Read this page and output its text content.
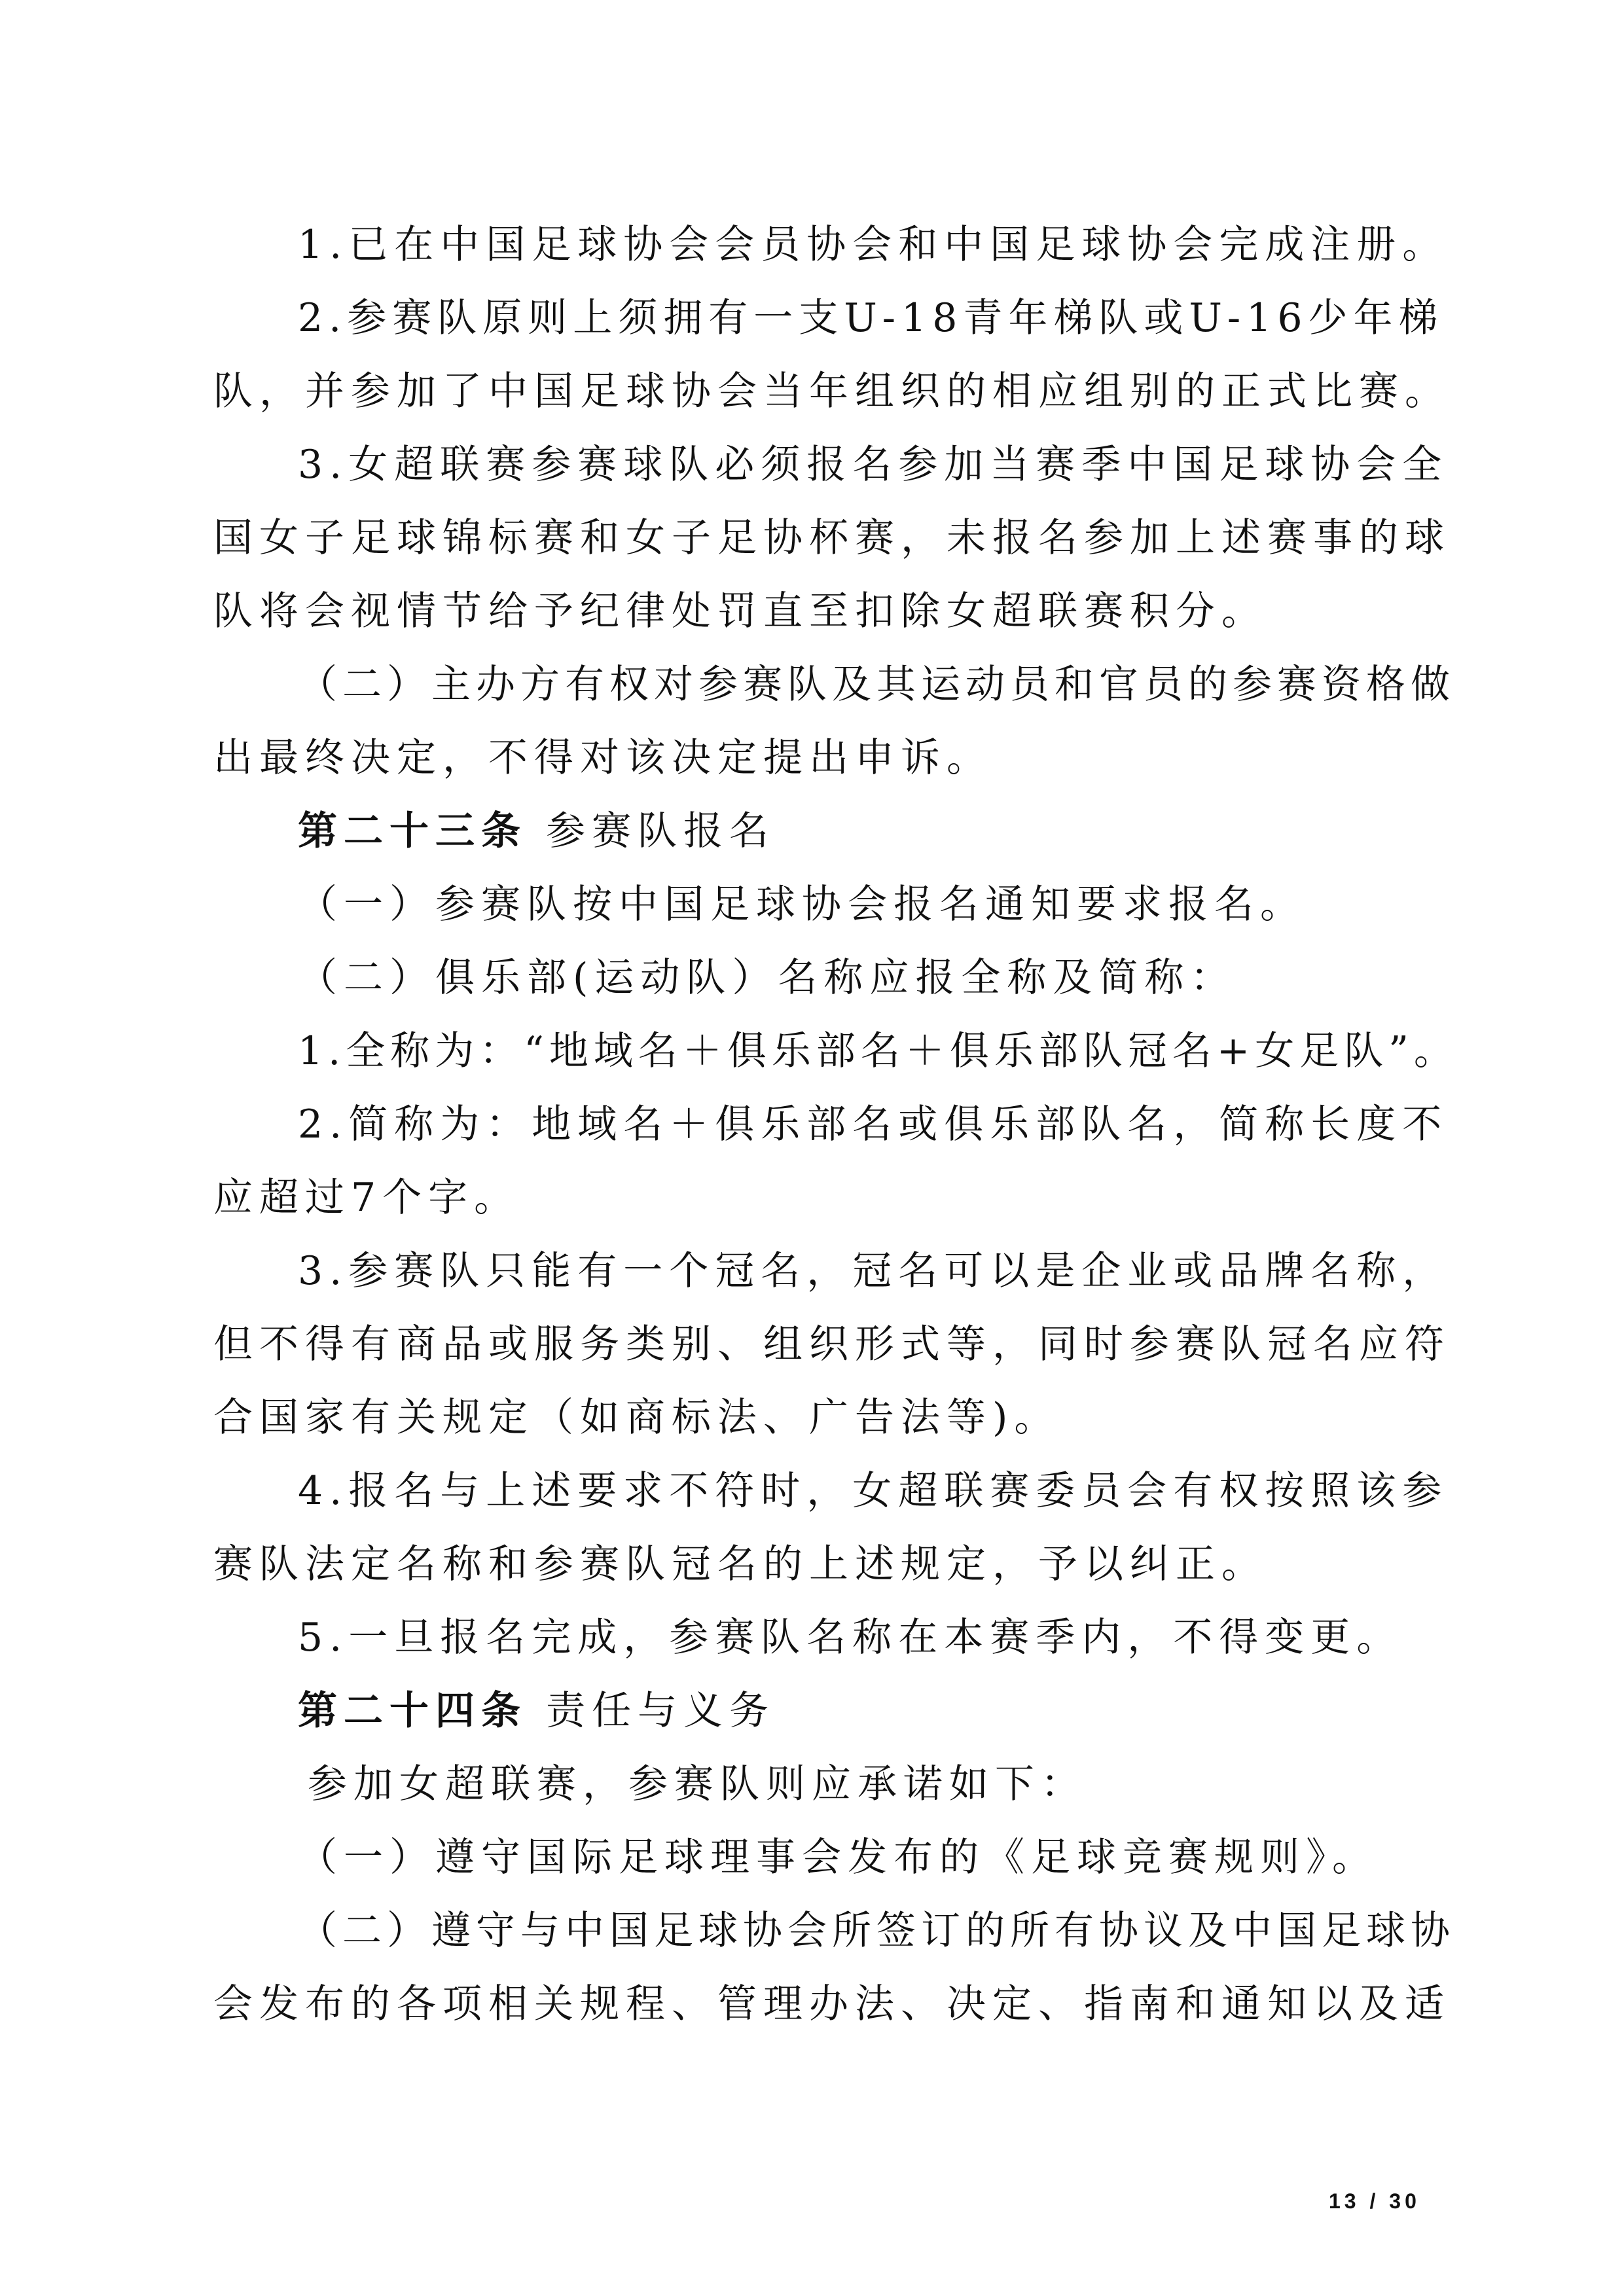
1.已在中国足球协会会员协会和中国足球协会完成注册。
2.参赛队原则上须拥有一支U-18青年梯队或U-16少年梯
队，并参加了中国足球协会当年组织的相应组别的正式比赛。
3.女超联赛参赛球队必须报名参加当赛季中国足球协会全
国女子足球锦标赛和女子足协杯赛，未报名参加上述赛事的球
队将会视情节给予纪律处罚直至扣除女超联赛积分。
（二）主办方有权对参赛队及其运动员和官员的参赛资格做
出最终决定，不得对该决定提出申诉。
第二十三条 参赛队报名
（一）参赛队按中国足球协会报名通知要求报名。
（二）俱乐部(运动队）名称应报全称及简称：
1.全称为：“地域名＋俱乐部名＋俱乐部队冠名+女足队”。
2.简称为：地域名＋俱乐部名或俱乐部队名，简称长度不
应超过7个字。
3.参赛队只能有一个冠名，冠名可以是企业或品牌名称，
但不得有商品或服务类别、组织形式等，同时参赛队冠名应符
合国家有关规定（如商标法、广告法等)。
4.报名与上述要求不符时，女超联赛委员会有权按照该参
赛队法定名称和参赛队冠名的上述规定，予以纠正。
5.一旦报名完成，参赛队名称在本赛季内，不得变更。
第二十四条 责任与义务
参加女超联赛，参赛队则应承诺如下：
（一）遵守国际足球理事会发布的《足球竞赛规则》。
（二）遵守与中国足球协会所签订的所有协议及中国足球协
会发布的各项相关规程、管理办法、决定、指南和通知以及适
13 / 30
